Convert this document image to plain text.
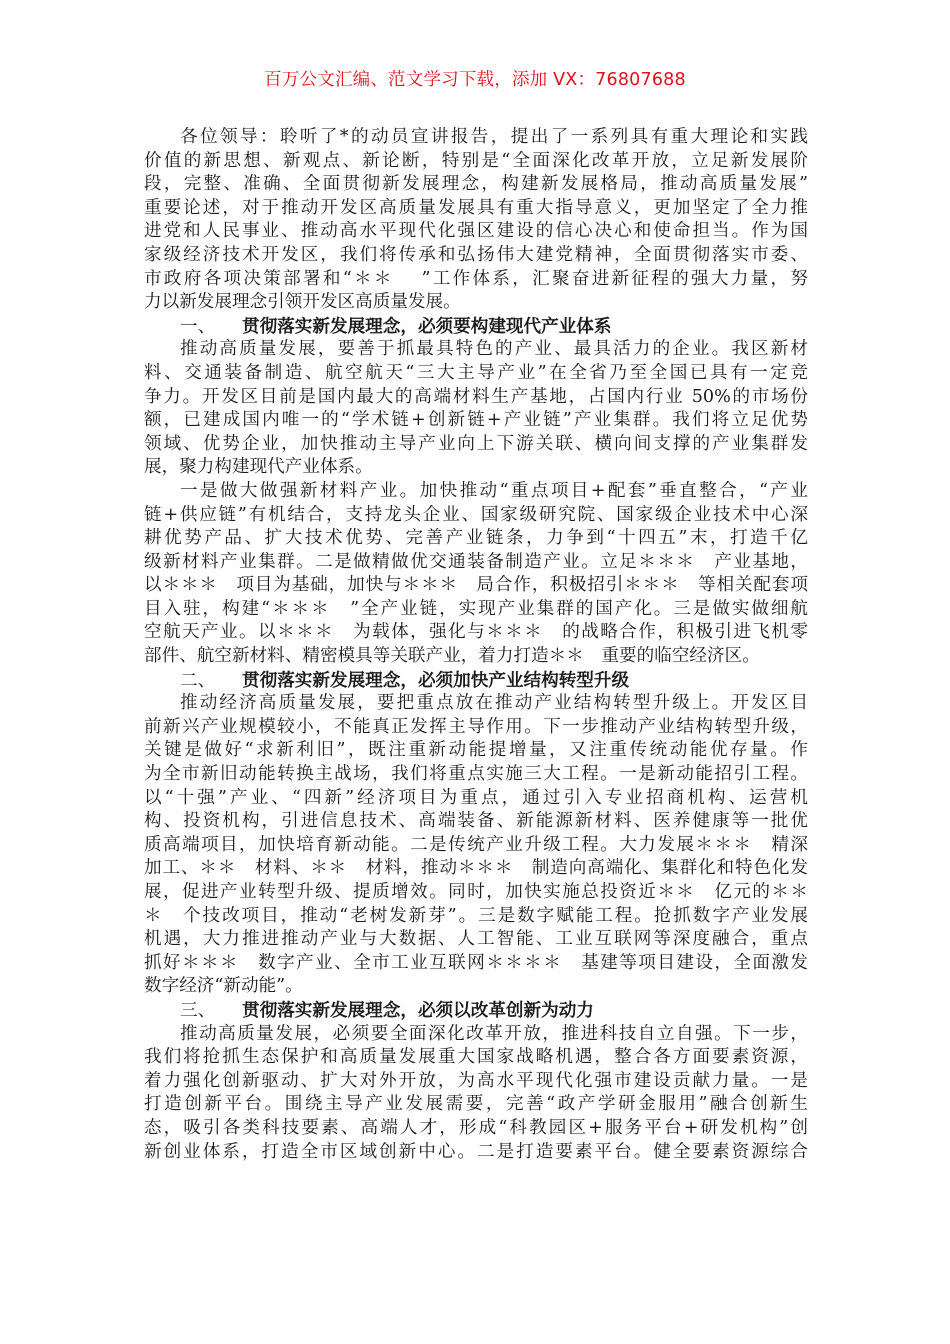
百万公文汇编、范文学习下载，添加 VX：76807688
各位领导：聆听了*的动员宣讲报告，提出了一系列具有重大理论和实践
价值的新思想、新观点、新论断，特别是“全面深化改革开放，立足新发展阶
段，完整、准确、全面贯彻新发展理念，构建新发展格局，推动高质量发展”
重要论述，对于推动开发区高质量发展具有重大指导意义，更加坚定了全力推
进党和人民事业、推动高水平现代化强区建设的信心决心和使命担当。作为国
家级经济技术开发区，我们将传承和弘扬伟大建党精神，全面贯彻落实市委、
市政府各项决策部署和“＊＊　 ”工作体系，汇聚奋进新征程的强大力量，努
力以新发展理念引领开发区高质量发展。
一、 贯彻落实新发展理念，必须要构建现代产业体系
推动高质量发展，要善于抓最具特色的产业、最具活力的企业。我区新材
料、交通装备制造、航空航天“三大主导产业”在全省乃至全国已具有一定竞
争力。开发区目前是国内最大的高端材料生产基地，占国内行业 50%的市场份
额，已建成国内唯一的“学术链+创新链+产业链”产业集群。我们将立足优势
领域、优势企业，加快推动主导产业向上下游关联、横向间支撑的产业集群发
展，聚力构建现代产业体系。
一是做大做强新材料产业。加快推动“重点项目+配套”垂直整合，“产业
链+供应链”有机结合，支持龙头企业、国家级研究院、国家级企业技术中心深
耕优势产品、扩大技术优势、完善产业链条，力争到“十四五”末，打造千亿
级新材料产业集群。二是做精做优交通装备制造产业。立足＊＊＊　产业基地，
以＊＊＊　项目为基础，加快与＊＊＊　局合作，积极招引＊＊＊　等相关配套项
目入驻，构建“＊＊＊　”全产业链，实现产业集群的国产化。三是做实做细航
空航天产业。以＊＊＊　为载体，强化与＊＊＊　的战略合作，积极引进飞机零
部件、航空新材料、精密模具等关联产业，着力打造＊＊　重要的临空经济区。
二、 贯彻落实新发展理念，必须加快产业结构转型升级
推动经济高质量发展，要把重点放在推动产业结构转型升级上。开发区目
前新兴产业规模较小，不能真正发挥主导作用。下一步推动产业结构转型升级，
关键是做好“求新利旧”，既注重新动能提增量，又注重传统动能优存量。作
为全市新旧动能转换主战场，我们将重点实施三大工程。一是新动能招引工程。
以“十强”产业、“四新”经济项目为重点，通过引入专业招商机构、运营机
构、投资机构，引进信息技术、高端装备、新能源新材料、医养健康等一批优
质高端项目，加快培育新动能。二是传统产业升级工程。大力发展＊＊＊　精深
加工、＊＊　材料、＊＊　材料，推动＊＊＊　制造向高端化、集群化和特色化发
展，促进产业转型升级、提质增效。同时，加快实施总投资近＊＊　亿元的＊＊
＊　个技改项目，推动“老树发新芽”。三是数字赋能工程。抢抓数字产业发展
机遇，大力推进推动产业与大数据、人工智能、工业互联网等深度融合，重点
抓好＊＊＊　数字产业、全市工业互联网＊＊＊＊　基建等项目建设，全面激发
数字经济“新动能”。
三、 贯彻落实新发展理念，必须以改革创新为动力
推动高质量发展，必须要全面深化改革开放，推进科技自立自强。下一步，
我们将抢抓生态保护和高质量发展重大国家战略机遇，整合各方面要素资源，
着力强化创新驱动、扩大对外开放，为高水平现代化强市建设贡献力量。一是
打造创新平台。围绕主导产业发展需要，完善“政产学研金服用”融合创新生
态，吸引各类科技要素、高端人才，形成“科教园区+服务平台+研发机构”创
新创业体系，打造全市区域创新中心。二是打造要素平台。健全要素资源综合
